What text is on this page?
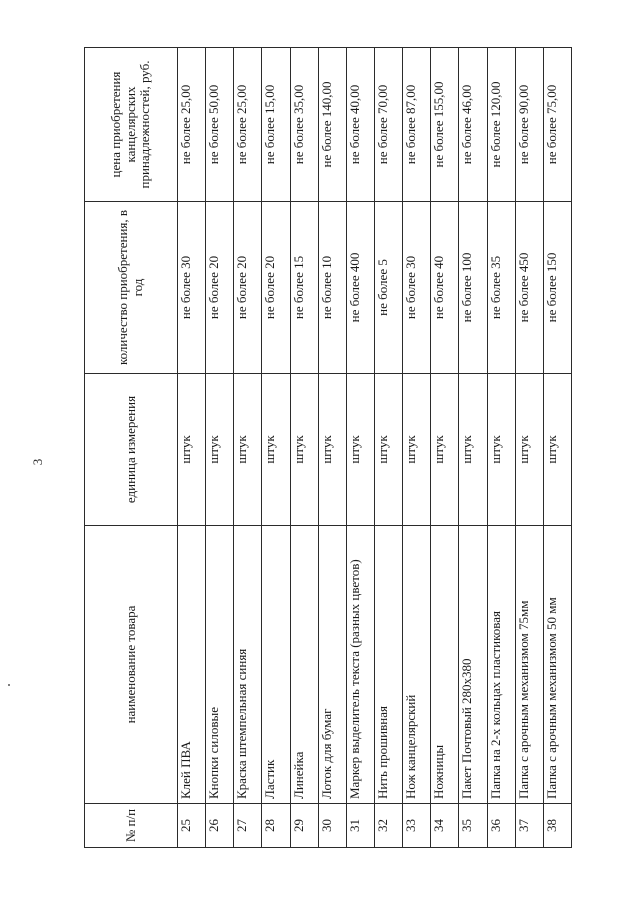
3
№ п/п	наименование товара	единица измерения	количество приобретения, в год	цена приобретения канцелярских принадлежностей, руб.
25	Клей ПВА	штук	не более 30	не более 25,00
26	Кнопки силовые	штук	не более 20	не более 50,00
27	Краска штемпельная синяя	штук	не более 20	не более 25,00
28	Ластик	штук	не более 20	не более 15,00
29	Линейка	штук	не более 15	не более 35,00
30	Лоток для бумаг	штук	не более 10	не более 140,00
31	Маркер выделитель текста (разных цветов)	штук	не более 400	не более 40,00
32	Нить прошивная	штук	не более 5	не более 70,00
33	Нож канцелярский	штук	не более 30	не более 87,00
34	Ножницы	штук	не более 40	не более 155,00
35	Пакет Почтовый 280х380	штук	не более 100	не более 46,00
36	Папка на 2-х кольцах пластиковая	штук	не более 35	не более 120,00
37	Папка с арочным механизмом 75мм	штук	не более 450	не более 90,00
38	Папка с арочным механизмом 50 мм	штук	не более 150	не более 75,00
